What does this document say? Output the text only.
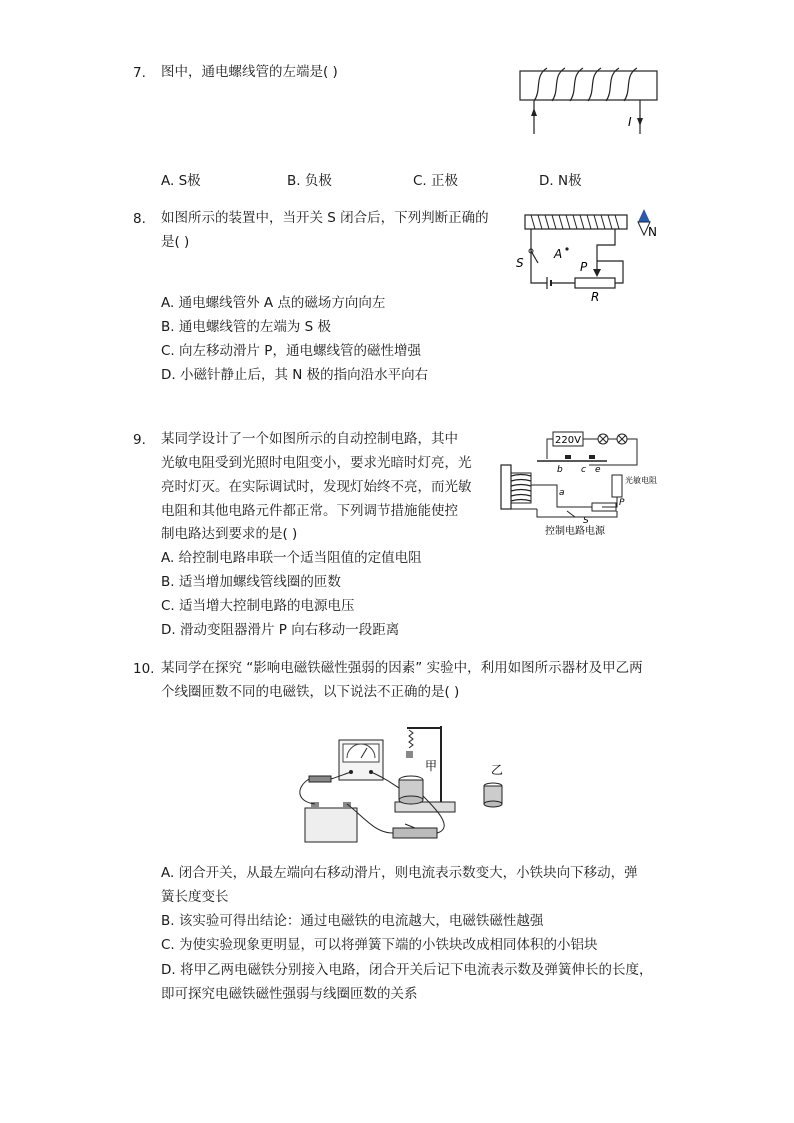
7. 图中，通电螺线管的左端是( )
I
A. S极	B. 负极	C. 正极	D. N极
8. 如图所示的装置中，当开关 S 闭合后，下列判断正确的
是( )
N
S
A
P
R
A. 通电螺线管外 A 点的磁场方向向左
B. 通电螺线管的左端为 S 极
C. 向左移动滑片 P，通电螺线管的磁性增强
D. 小磁针静止后，其 N 极的指向沿水平向右
9. 某同学设计了一个如图所示的自动控制电路，其中
光敏电阻受到光照时电阻变小，要求光暗时灯亮，光
亮时灯灭。在实际调试时，发现灯始终不亮，而光敏
电阻和其他电路元件都正常。下列调节措施能使控
制电路达到要求的是( )
220V
b c e
a
光敏电阻
P
S
控制电路电源
A. 给控制电路串联一个适当阻值的定值电阻
B. 适当增加螺线管线圈的匝数
C. 适当增大控制电路的电源电压
D. 滑动变阻器滑片 P 向右移动一段距离
10. 某同学在探究 “影响电磁铁磁性强弱的因素” 实验中，利用如图所示器材及甲乙两
个线圈匝数不同的电磁铁，以下说法不正确的是( )
甲	乙
A. 闭合开关，从最左端向右移动滑片，则电流表示数变大，小铁块向下移动，弹
簧长度变长
B. 该实验可得出结论：通过电磁铁的电流越大，电磁铁磁性越强
C. 为使实验现象更明显，可以将弹簧下端的小铁块改成相同体积的小铝块
D. 将甲乙两电磁铁分别接入电路，闭合开关后记下电流表示数及弹簧伸长的长度，
即可探究电磁铁磁性强弱与线圈匝数的关系
